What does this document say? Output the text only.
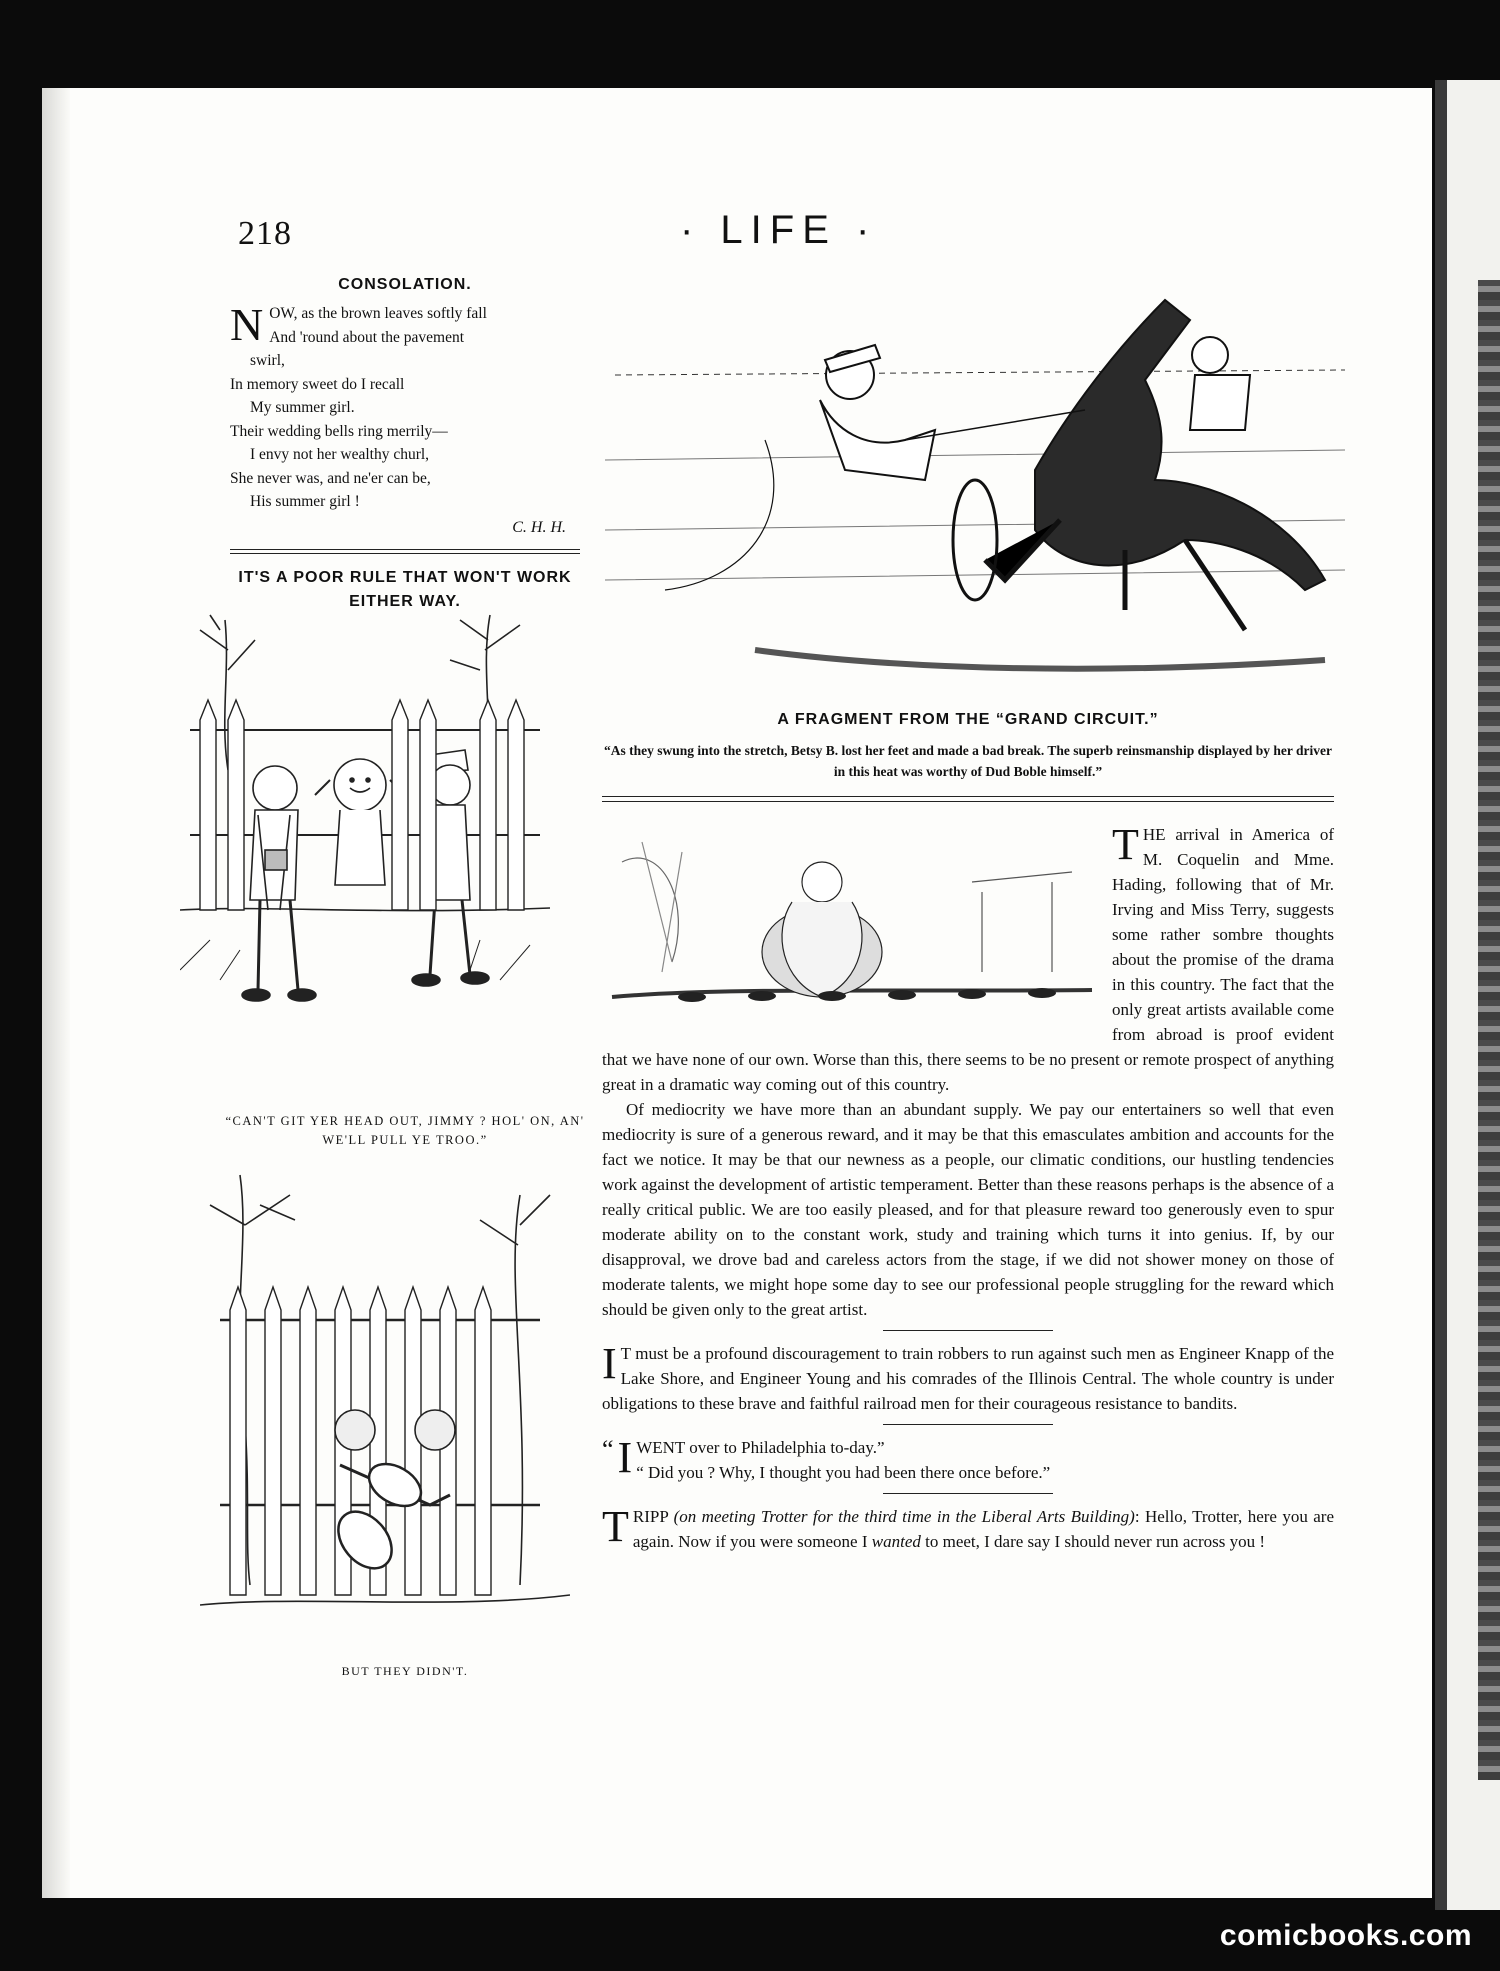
218	· LIFE ·
CONSOLATION.
N OW, as the brown leaves softly fall
And 'round about the pavement
swirl,
In memory sweet do I recall
My summer girl.
Their wedding bells ring merrily—
I envy not her wealthy churl,
She never was, and ne'er can be,
His summer girl !
C. H. H.
IT'S A POOR RULE THAT WON'T WORK EITHER WAY.
“CAN'T GIT YER HEAD OUT, JIMMY ? HOL' ON, AN' WE'LL PULL YE TROO.”
BUT THEY DIDN'T.
A FRAGMENT FROM THE “GRAND CIRCUIT.”
“As they swung into the stretch, Betsy B. lost her feet and made a bad break. The superb reinsmanship displayed by her driver in this heat was worthy of Dud Boble himself.”

THE arrival in America of M. Coquelin and Mme. Hading, following that of Mr. Irving and Miss Terry, suggests some rather sombre thoughts about the promise of the drama in this country. The fact that the only great artists available come from abroad is proof evident that we have none of our own. Worse than this, there seems to be no present or remote prospect of anything great in a dramatic way coming out of this country.

Of mediocrity we have more than an abundant supply. We pay our entertainers so well that even mediocrity is sure of a generous reward, and it may be that this emasculates ambition and accounts for the fact we notice. It may be that our newness as a people, our climatic conditions, our hustling tendencies work against the development of artistic temperament. Better than these reasons perhaps is the absence of a really critical public. We are too easily pleased, and for that pleasure reward too generously even to spur moderate ability on to the constant work, study and training which turns it into genius. If, by our disapproval, we drove bad and careless actors from the stage, if we did not shower money on those of moderate talents, we might hope some day to see our professional people struggling for the reward which should be given only to the great artist.

I T must be a profound discouragement to train robbers to run against such men as Engineer Knapp of the Lake Shore, and Engineer Young and his comrades of the Illinois Central. The whole country is under obligations to these brave and faithful railroad men for their courageous resistance to bandits.
“ I WENT over to Philadelphia to-day.”
“ Did you ? Why, I thought you had been there once before.”
TRIPP (on meeting Trotter for the third time in the Liberal Arts Building): Hello, Trotter, here you are again. Now if you were someone I wanted to meet, I dare say I should never run across you !
comicbooks.com
